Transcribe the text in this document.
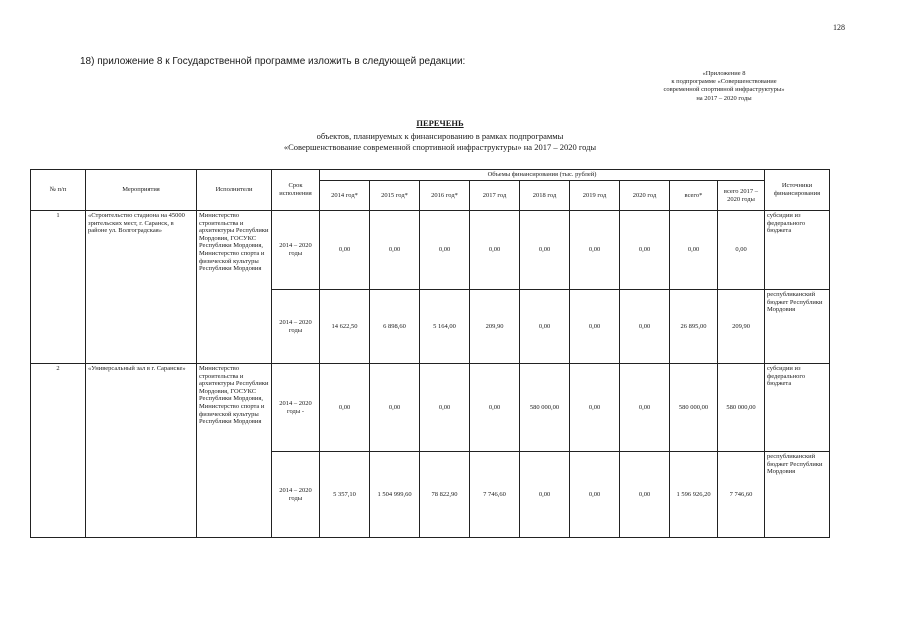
128
18) приложение 8 к Государственной программе изложить в следующей редакции:
«Приложение 8
к подпрограмме «Совершенствование
современной спортивной инфраструктуры»
на 2017 – 2020 годы
ПЕРЕЧЕНЬ
объектов, планируемых к финансированию в рамках подпрограммы
«Совершенствование современной спортивной инфраструктуры» на 2017 – 2020 годы
№ п/п	Мероприятия	Исполнители	Срок исполнения	Объемы финансирования (тыс. рублей)									Источники финансирования
				2014 год*	2015 год*	2016 год*	2017 год	2018 год	2019 год	2020 год	всего*	всего 2017 – 2020 годы	
1	«Строительство стадиона на 45000 зрительских мест, г. Саранск, в районе ул. Волгоградская»	Министерство строительства и архитектуры Республики Мордовия, ГОСУКС Республики Мордовия, Министерство спорта и физической культуры Республики Мордовия	2014 – 2020 годы	0,00	0,00	0,00	0,00	0,00	0,00	0,00	0,00	0,00	субсидии из федерального бюджета
			2014 – 2020 годы	14 622,50	6 898,60	5 164,00	209,90	0,00	0,00	0,00	26 895,00	209,90	республиканский бюджет Республики Мордовия
2	«Универсальный зал в г. Саранске»	Министерство строительства и архитектуры Республики Мордовия, ГОСУКС Республики Мордовия, Министерство спорта и физической культуры Республики Мордовия	2014 – 2020 годы -	0,00	0,00	0,00	0,00	580 000,00	0,00	0,00	580 000,00	580 000,00	субсидии из федерального бюджета
			2014 – 2020 годы	5 357,10	1 504 999,60	78 822,90	7 746,60	0,00	0,00	0,00	1 596 926,20	7 746,60	республиканский бюджет Республики Мордовия
